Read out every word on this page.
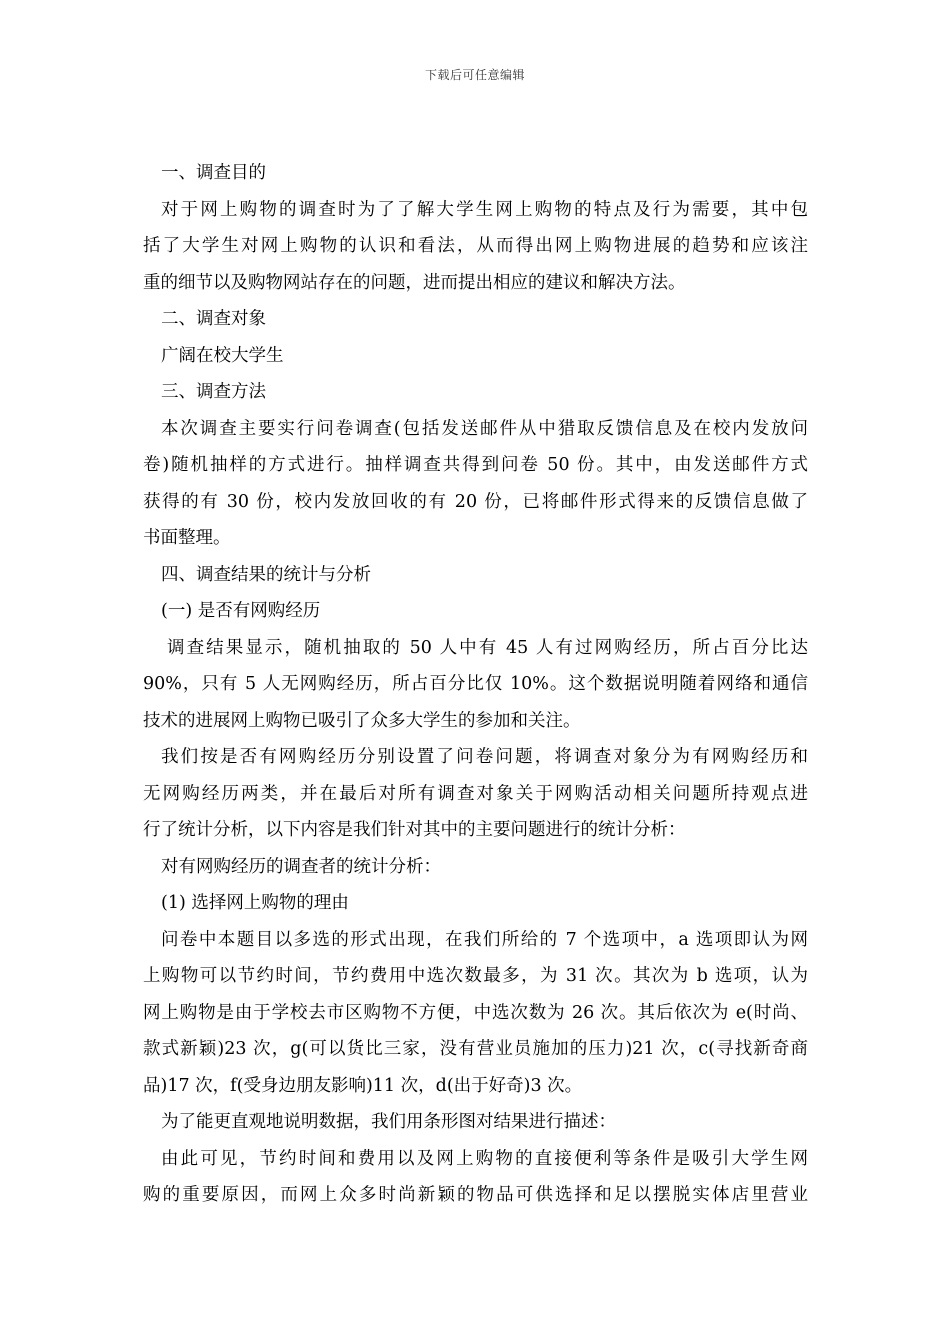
下载后可任意编辑
一、调查目的
对于网上购物的调查时为了了解大学生网上购物的特点及行为需要，其中包
括了大学生对网上购物的认识和看法，从而得出网上购物进展的趋势和应该注
重的细节以及购物网站存在的问题，进而提出相应的建议和解决方法。
二、调查对象
广阔在校大学生
三、调查方法
本次调查主要实行问卷调查(包括发送邮件从中猎取反馈信息及在校内发放问
卷)随机抽样的方式进行。抽样调查共得到问卷 50 份。其中，由发送邮件方式
获得的有 30 份，校内发放回收的有 20 份，已将邮件形式得来的反馈信息做了
书面整理。
四、调查结果的统计与分析
(一) 是否有网购经历
调查结果显示，随机抽取的 50 人中有 45 人有过网购经历，所占百分比达
90%，只有 5 人无网购经历，所占百分比仅 10%。这个数据说明随着网络和通信
技术的进展网上购物已吸引了众多大学生的参加和关注。
我们按是否有网购经历分别设置了问卷问题，将调查对象分为有网购经历和
无网购经历两类，并在最后对所有调查对象关于网购活动相关问题所持观点进
行了统计分析，以下内容是我们针对其中的主要问题进行的统计分析：
对有网购经历的调查者的统计分析：
(1) 选择网上购物的理由
问卷中本题目以多选的形式出现，在我们所给的 7 个选项中，a 选项即认为网
上购物可以节约时间，节约费用中选次数最多，为 31 次。其次为 b 选项，认为
网上购物是由于学校去市区购物不方便，中选次数为 26 次。其后依次为 e(时尚、
款式新颖)23 次，g(可以货比三家，没有营业员施加的压力)21 次，c(寻找新奇商
品)17 次，f(受身边朋友影响)11 次，d(出于好奇)3 次。
为了能更直观地说明数据，我们用条形图对结果进行描述：
由此可见，节约时间和费用以及网上购物的直接便利等条件是吸引大学生网
购的重要原因，而网上众多时尚新颖的物品可供选择和足以摆脱实体店里营业
